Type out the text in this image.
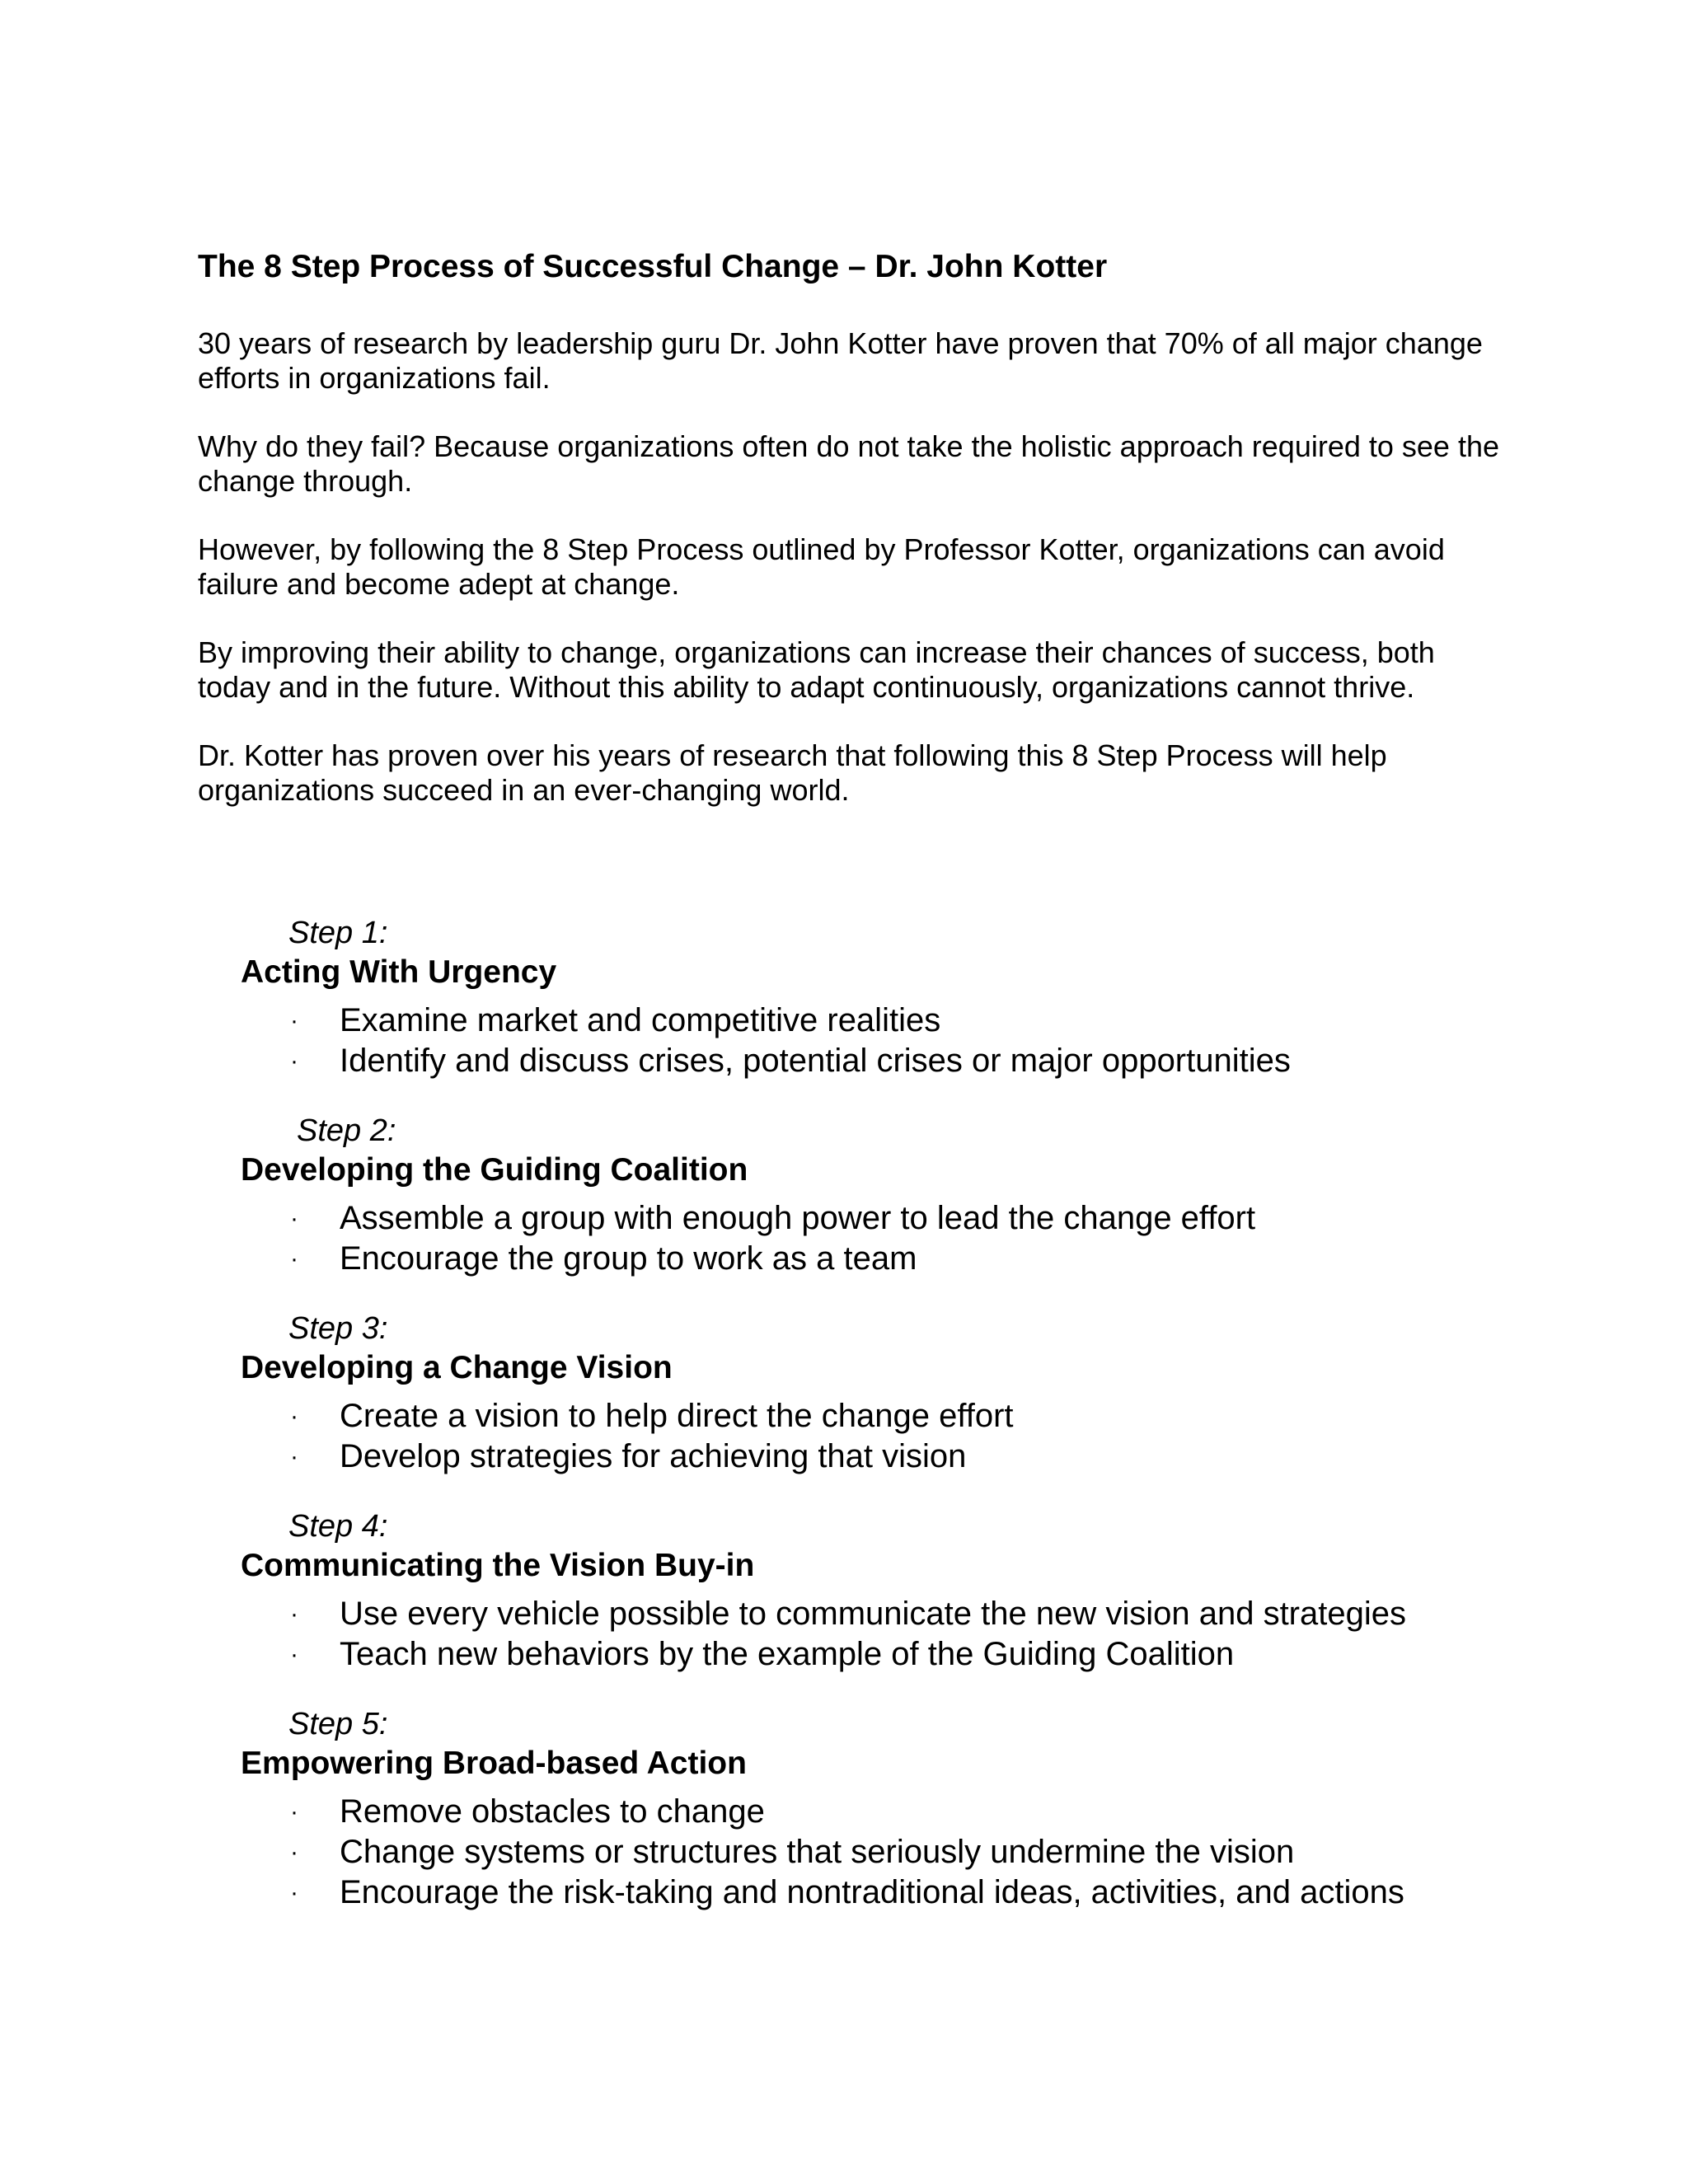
The 8 Step Process of Successful Change – Dr. John Kotter

30 years of research by leadership guru Dr. John Kotter have proven that 70% of all major change efforts in organizations fail.

Why do they fail? Because organizations often do not take the holistic approach required to see the change through.

However, by following the 8 Step Process outlined by Professor Kotter, organizations can avoid failure and become adept at change.

By improving their ability to change, organizations can increase their chances of success, both today and in the future. Without this ability to adapt continuously, organizations cannot thrive.

Dr. Kotter has proven over his years of research that following this 8 Step Process will help organizations succeed in an ever-changing world.

Step 1:
Acting With Urgency
· Examine market and competitive realities
· Identify and discuss crises, potential crises or major opportunities
Step 2:
Developing the Guiding Coalition
· Assemble a group with enough power to lead the change effort
· Encourage the group to work as a team
Step 3:
Developing a Change Vision
· Create a vision to help direct the change effort
· Develop strategies for achieving that vision
Step 4:
Communicating the Vision Buy-in
· Use every vehicle possible to communicate the new vision and strategies
· Teach new behaviors by the example of the Guiding Coalition
Step 5:
Empowering Broad-based Action
· Remove obstacles to change
· Change systems or structures that seriously undermine the vision
· Encourage the risk-taking and nontraditional ideas, activities, and actions
